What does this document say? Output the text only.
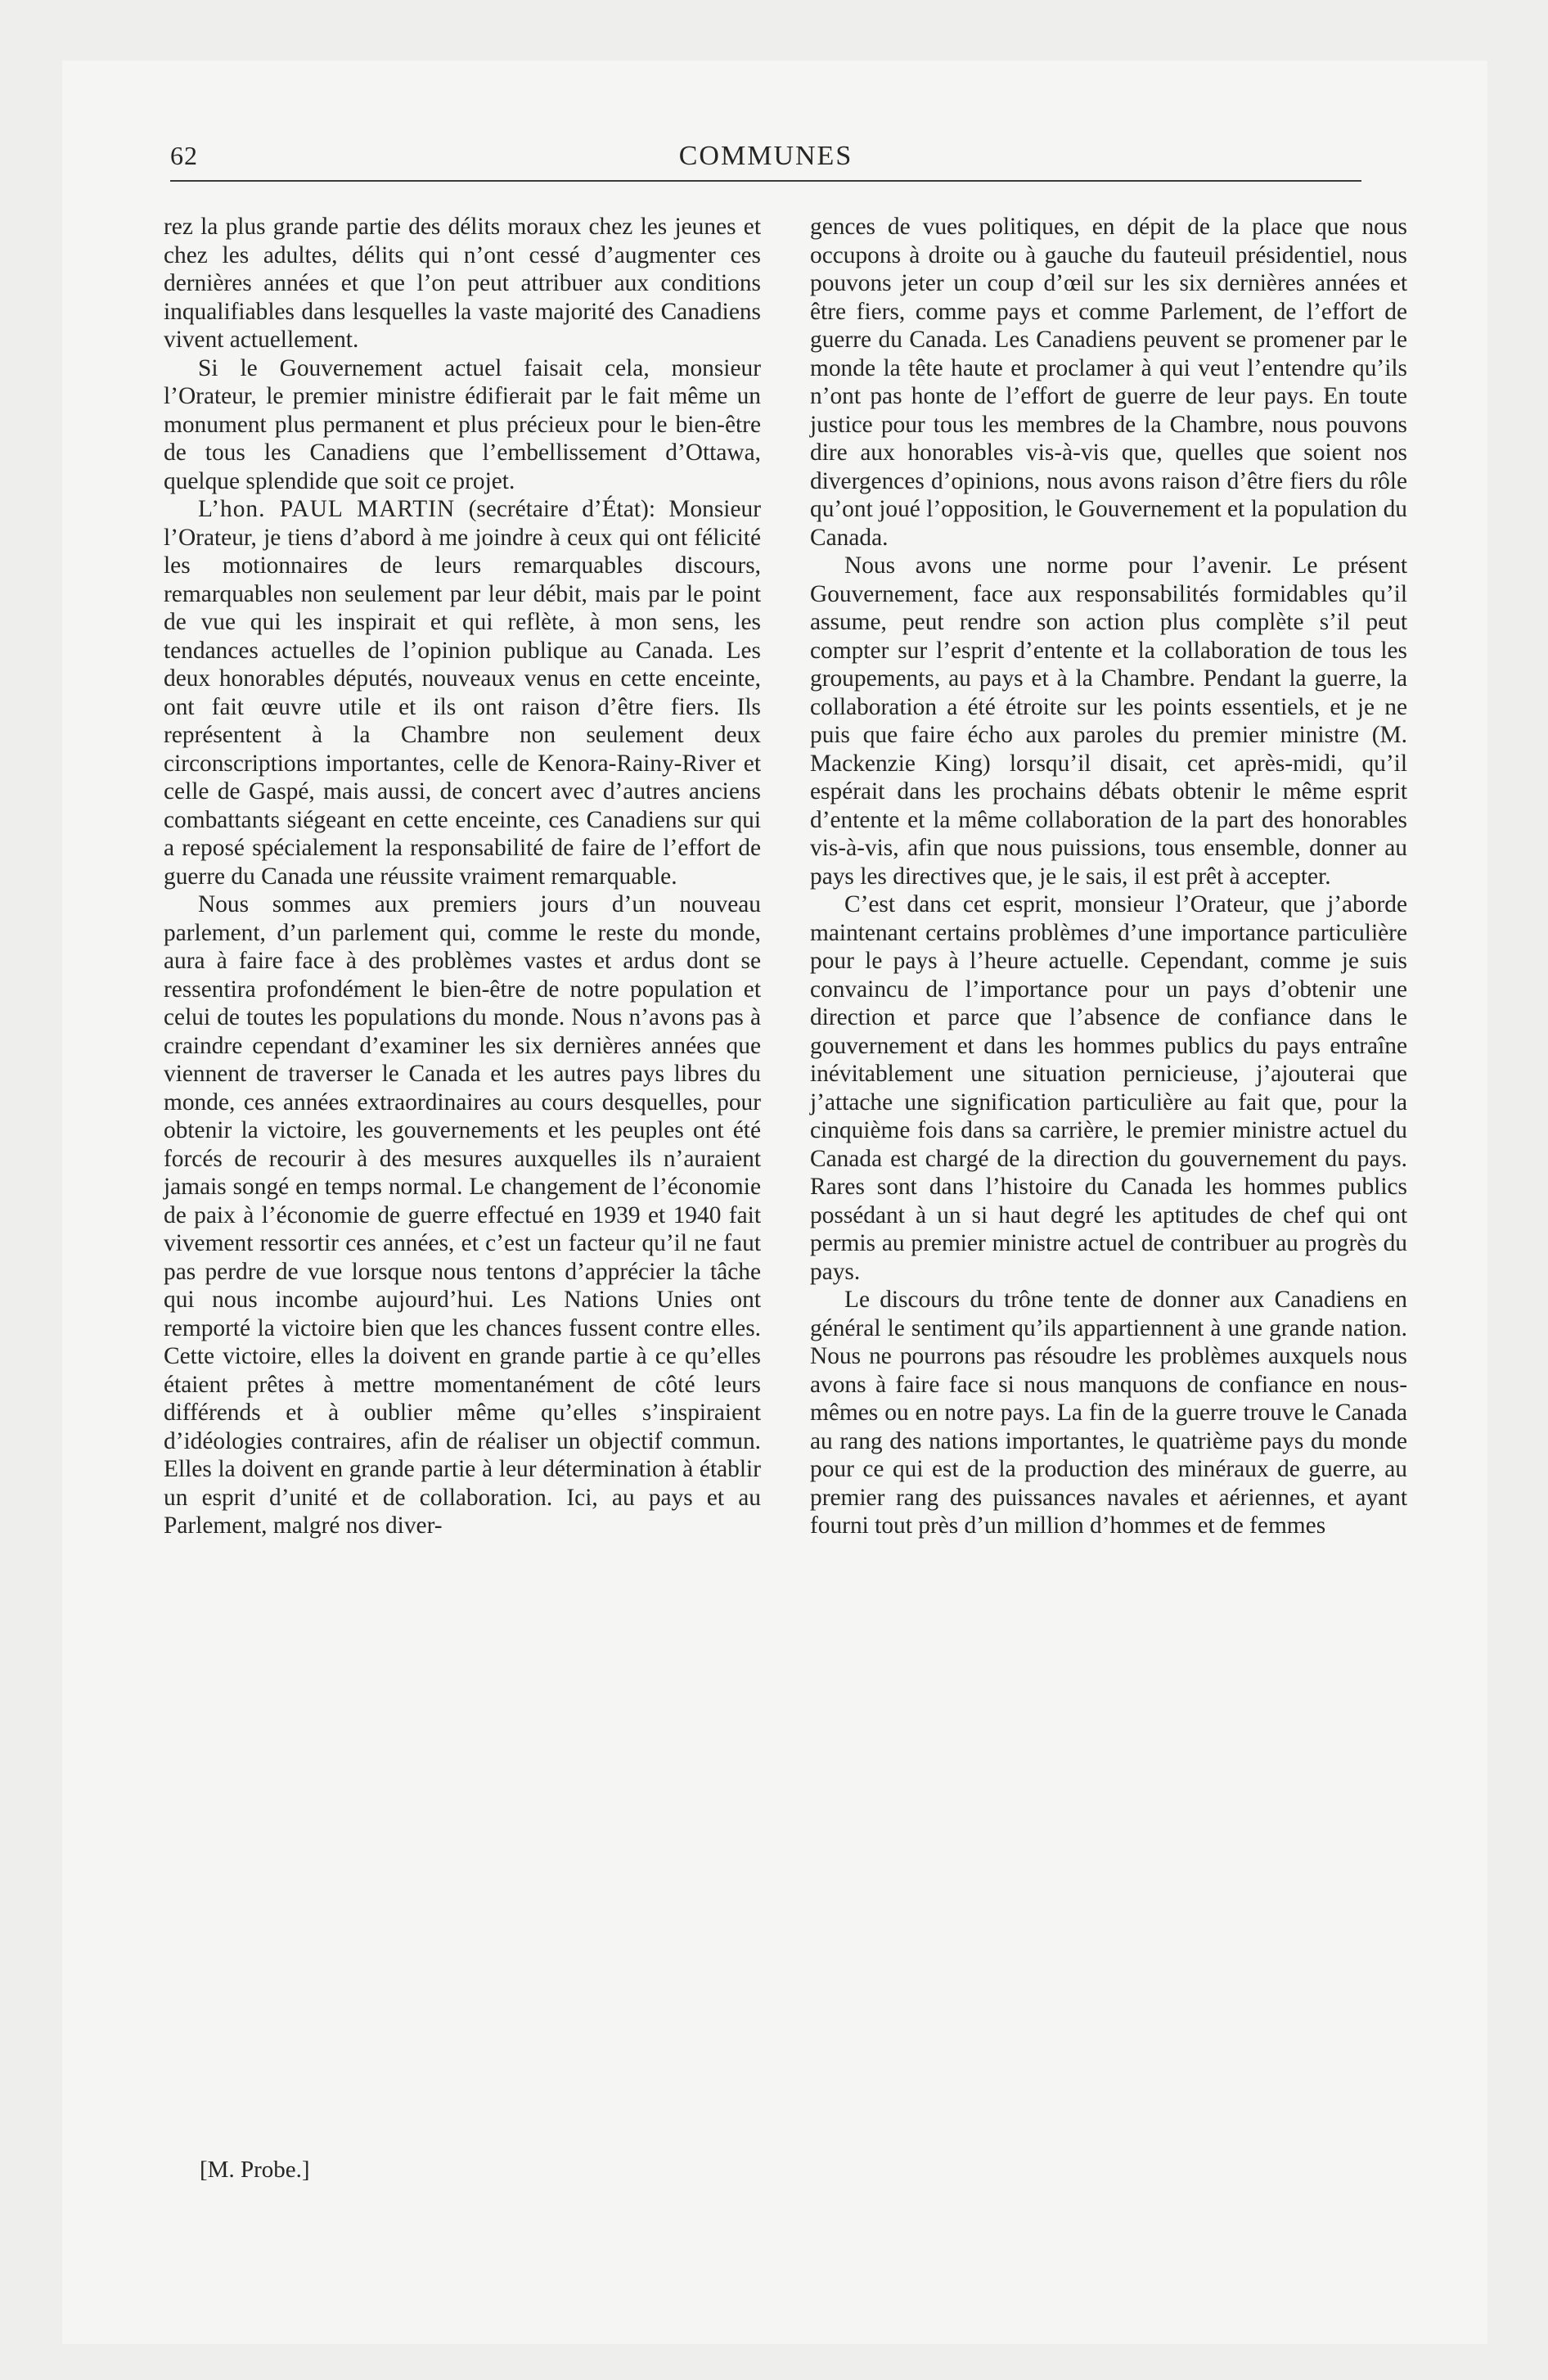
62	COMMUNES

rez la plus grande partie des délits moraux chez les jeunes et chez les adultes, délits qui n’ont cessé d’augmenter ces dernières années et que l’on peut attribuer aux conditions inqualifiables dans lesquelles la vaste majorité des Canadiens vivent actuellement.

Si le Gouvernement actuel faisait cela, monsieur l’Orateur, le premier ministre édifierait par le fait même un monument plus permanent et plus précieux pour le bien-être de tous les Canadiens que l’embellissement d’Ottawa, quelque splendide que soit ce projet.

L’hon. PAUL MARTIN (secrétaire d’État): Monsieur l’Orateur, je tiens d’abord à me joindre à ceux qui ont félicité les motionnaires de leurs remarquables discours, remarquables non seulement par leur débit, mais par le point de vue qui les inspirait et qui reflète, à mon sens, les tendances actuelles de l’opinion publique au Canada. Les deux honorables députés, nouveaux venus en cette enceinte, ont fait œuvre utile et ils ont raison d’être fiers. Ils représentent à la Chambre non seulement deux circonscriptions importantes, celle de Kenora-Rainy-River et celle de Gaspé, mais aussi, de concert avec d’autres anciens combattants siégeant en cette enceinte, ces Canadiens sur qui a reposé spécialement la responsabilité de faire de l’effort de guerre du Canada une réussite vraiment remarquable.

Nous sommes aux premiers jours d’un nouveau parlement, d’un parlement qui, comme le reste du monde, aura à faire face à des problèmes vastes et ardus dont se ressentira profondément le bien-être de notre population et celui de toutes les populations du monde. Nous n’avons pas à craindre cependant d’examiner les six dernières années que viennent de traverser le Canada et les autres pays libres du monde, ces années extraordinaires au cours desquelles, pour obtenir la victoire, les gouvernements et les peuples ont été forcés de recourir à des mesures auxquelles ils n’auraient jamais songé en temps normal. Le changement de l’économie de paix à l’économie de guerre effectué en 1939 et 1940 fait vivement ressortir ces années, et c’est un facteur qu’il ne faut pas perdre de vue lorsque nous tentons d’apprécier la tâche qui nous incombe aujourd’hui. Les Nations Unies ont remporté la victoire bien que les chances fussent contre elles. Cette victoire, elles la doivent en grande partie à ce qu’elles étaient prêtes à mettre momentanément de côté leurs différends et à oublier même qu’elles s’inspiraient d’idéologies contraires, afin de réaliser un objectif commun. Elles la doivent en grande partie à leur détermination à établir un esprit d’unité et de collaboration. Ici, au pays et au Parlement, malgré nos diver-

gences de vues politiques, en dépit de la place que nous occupons à droite ou à gauche du fauteuil présidentiel, nous pouvons jeter un coup d’œil sur les six dernières années et être fiers, comme pays et comme Parlement, de l’effort de guerre du Canada. Les Canadiens peuvent se promener par le monde la tête haute et proclamer à qui veut l’entendre qu’ils n’ont pas honte de l’effort de guerre de leur pays. En toute justice pour tous les membres de la Chambre, nous pouvons dire aux honorables vis-à-vis que, quelles que soient nos divergences d’opinions, nous avons raison d’être fiers du rôle qu’ont joué l’opposition, le Gouvernement et la population du Canada.

Nous avons une norme pour l’avenir. Le présent Gouvernement, face aux responsabilités formidables qu’il assume, peut rendre son action plus complète s’il peut compter sur l’esprit d’entente et la collaboration de tous les groupements, au pays et à la Chambre. Pendant la guerre, la collaboration a été étroite sur les points essentiels, et je ne puis que faire écho aux paroles du premier ministre (M. Mackenzie King) lorsqu’il disait, cet après-midi, qu’il espérait dans les prochains débats obtenir le même esprit d’entente et la même collaboration de la part des honorables vis-à-vis, afin que nous puissions, tous ensemble, donner au pays les directives que, je le sais, il est prêt à accepter.

C’est dans cet esprit, monsieur l’Orateur, que j’aborde maintenant certains problèmes d’une importance particulière pour le pays à l’heure actuelle. Cependant, comme je suis convaincu de l’importance pour un pays d’obtenir une direction et parce que l’absence de confiance dans le gouvernement et dans les hommes publics du pays entraîne inévitablement une situation pernicieuse, j’ajouterai que j’attache une signification particulière au fait que, pour la cinquième fois dans sa carrière, le premier ministre actuel du Canada est chargé de la direction du gouvernement du pays. Rares sont dans l’histoire du Canada les hommes publics possédant à un si haut degré les aptitudes de chef qui ont permis au premier ministre actuel de contribuer au progrès du pays.

Le discours du trône tente de donner aux Canadiens en général le sentiment qu’ils appartiennent à une grande nation. Nous ne pourrons pas résoudre les problèmes auxquels nous avons à faire face si nous manquons de confiance en nous-mêmes ou en notre pays. La fin de la guerre trouve le Canada au rang des nations importantes, le quatrième pays du monde pour ce qui est de la production des minéraux de guerre, au premier rang des puissances navales et aériennes, et ayant fourni tout près d’un million d’hommes et de femmes

[M. Probe.]
